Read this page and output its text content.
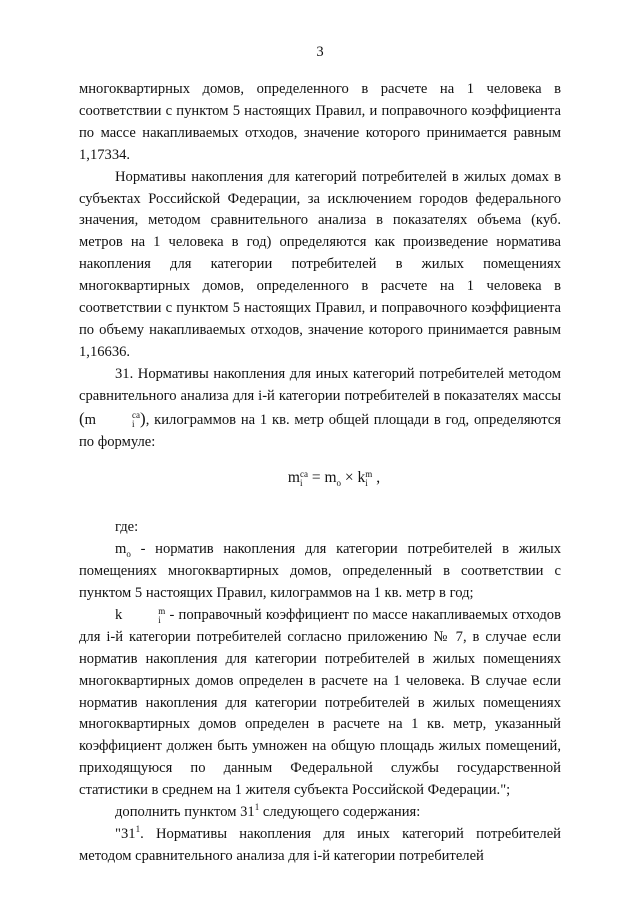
3

многоквартирных домов, определенного в расчете на 1 человека в соответствии с пунктом 5 настоящих Правил, и поправочного коэффициента по массе накапливаемых отходов, значение которого принимается равным 1,17334.

Нормативы накопления для категорий потребителей в жилых домах в субъектах Российской Федерации, за исключением городов федерального значения, методом сравнительного анализа в показателях объема (куб. метров на 1 человека в год) определяются как произведение норматива накопления для категории потребителей в жилых помещениях многоквартирных домов, определенного в расчете на 1 человека в соответствии с пунктом 5 настоящих Правил, и поправочного коэффициента по объему накапливаемых отходов, значение которого принимается равным 1,16636.

31. Нормативы накопления для иных категорий потребителей методом сравнительного анализа для i-й категории потребителей в показателях массы (m	ca
i ), килограммов на 1 кв. метр общей площади в год, определяются по формуле:

m ca
$i = m_o \times k$ m
i ,

где:

$m_o$ - норматив накопления для категории потребителей в жилых помещениях многоквартирных домов, определенный в соответствии с пунктом 5 настоящих Правил, килограммов на 1 кв. метр в год;

k	m
i - поправочный коэффициент по массе накапливаемых отходов для i-й категории потребителей согласно приложению № 7, в случае если норматив накопления для категории потребителей в жилых помещениях многоквартирных домов определен в расчете на 1 человека. В случае если норматив накопления для категории потребителей в жилых помещениях многоквартирных домов определен в расчете на 1 кв. метр, указанный коэффициент должен быть умножен на общую площадь жилых помещений, приходящуюся по данным Федеральной службы государственной статистики в среднем на 1 жителя субъекта Российской Федерации.";

дополнить пунктом $31^1$ следующего содержания:

"$31^1$. Нормативы накопления для иных категорий потребителей методом сравнительного анализа для i-й категории потребителей
